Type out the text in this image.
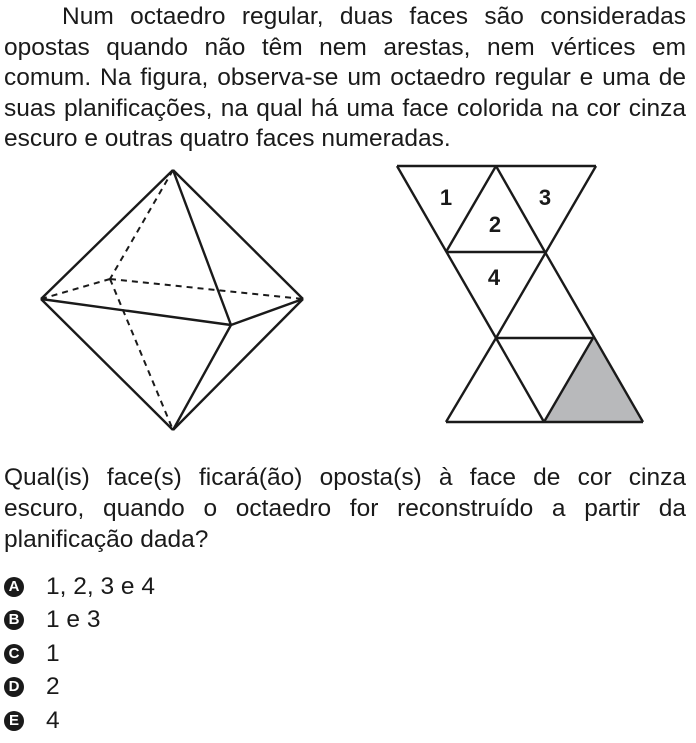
Num octaedro regular, duas faces são consideradas opostas quando não têm nem arestas, nem vértices em comum. Na figura, observa-se um octaedro regular e uma de suas planificações, na qual há uma face colorida na cor cinza escuro e outras quatro faces numeradas.

1
2
3
4

Qual(is) face(s) ficará(ão) oposta(s) à face de cor cinza escuro, quando o octaedro for reconstruído a partir da planificação dada?

A 1, 2, 3 e 4
B 1 e 3
C 1
D 2
E 4
